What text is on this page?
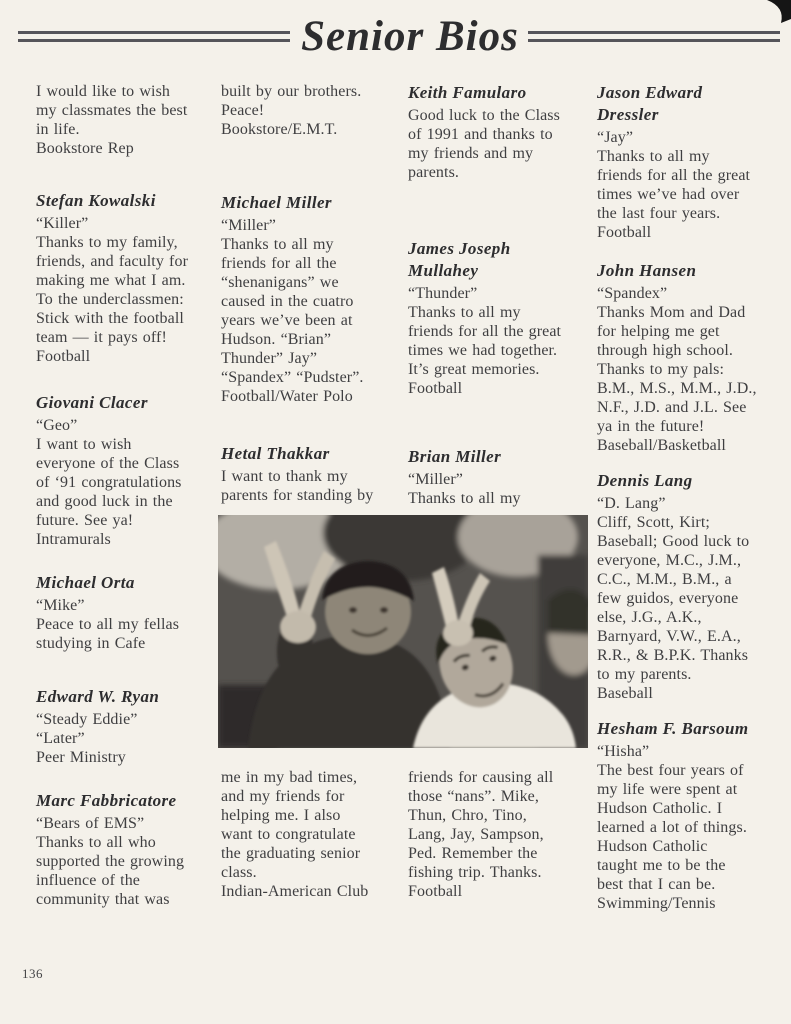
Senior Bios
I would like to wish
my classmates the best
in life.
Bookstore Rep
Stefan Kowalski
“Killer”
Thanks to my family,
friends, and faculty for
making me what I am.
To the underclassmen:
Stick with the football
team — it pays off!
Football
Giovani Clacer
“Geo”
I want to wish
everyone of the Class
of ‘91 congratulations
and good luck in the
future. See ya!
Intramurals
Michael Orta
“Mike”
Peace to all my fellas
studying in Cafe
Edward W. Ryan
“Steady Eddie”
“Later”
Peer Ministry
Marc Fabbricatore
“Bears of EMS”
Thanks to all who
supported the growing
influence of the
community that was
built by our brothers.
Peace!
Bookstore/E.M.T.
Michael Miller
“Miller”
Thanks to all my
friends for all the
“shenanigans” we
caused in the cuatro
years we’ve been at
Hudson. “Brian”
Thunder” Jay”
“Spandex” “Pudster”.
Football/Water Polo
Hetal Thakkar
I want to thank my
parents for standing by
me in my bad times,
and my friends for
helping me. I also
want to congratulate
the graduating senior
class.
Indian-American Club
Keith Famularo
Good luck to the Class
of 1991 and thanks to
my friends and my
parents.
James Joseph
Mullahey
“Thunder”
Thanks to all my
friends for all the great
times we had together.
It’s great memories.
Football
Brian Miller
“Miller”
Thanks to all my
friends for causing all
those “nans”. Mike,
Thun, Chro, Tino,
Lang, Jay, Sampson,
Ped. Remember the
fishing trip. Thanks.
Football
Jason Edward
Dressler
“Jay”
Thanks to all my
friends for all the great
times we’ve had over
the last four years.
Football
John Hansen
“Spandex”
Thanks Mom and Dad
for helping me get
through high school.
Thanks to my pals:
B.M., M.S., M.M., J.D.,
N.F., J.D. and J.L. See
ya in the future!
Baseball/Basketball
Dennis Lang
“D. Lang”
Cliff, Scott, Kirt;
Baseball; Good luck to
everyone, M.C., J.M.,
C.C., M.M., B.M., a
few guidos, everyone
else, J.G., A.K.,
Barnyard, V.W., E.A.,
R.R., & B.P.K. Thanks
to my parents.
Baseball
Hesham F. Barsoum
“Hisha”
The best four years of
my life were spent at
Hudson Catholic. I
learned a lot of things.
Hudson Catholic
taught me to be the
best that I can be.
Swimming/Tennis
136
